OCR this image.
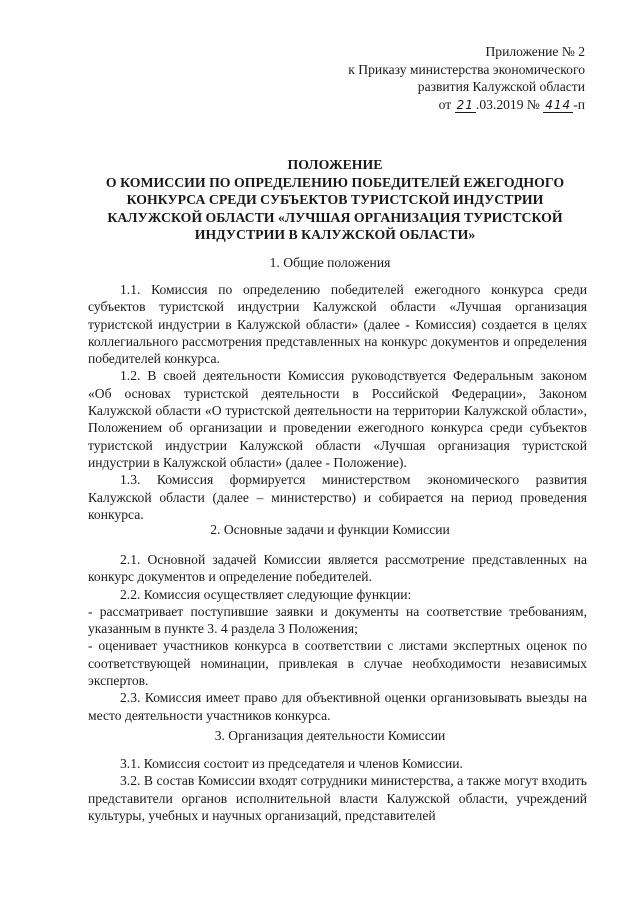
Приложение № 2
к Приказу министерства экономического
развития Калужской области
от 21 .03.2019 № 414 -п
ПОЛОЖЕНИЕ
О КОМИССИИ ПО ОПРЕДЕЛЕНИЮ ПОБЕДИТЕЛЕЙ ЕЖЕГОДНОГО
КОНКУРСА СРЕДИ СУБЪЕКТОВ ТУРИСТСКОЙ ИНДУСТРИИ
КАЛУЖСКОЙ ОБЛАСТИ «ЛУЧШАЯ ОРГАНИЗАЦИЯ ТУРИСТСКОЙ
ИНДУСТРИИ В КАЛУЖСКОЙ ОБЛАСТИ»
1. Общие положения

1.1. Комиссия по определению победителей ежегодного конкурса среди субъектов туристской индустрии Калужской области «Лучшая организация туристской индустрии в Калужской области» (далее - Комиссия) создается в целях коллегиального рассмотрения представленных на конкурс документов и определения победителей конкурса.

1.2. В своей деятельности Комиссия руководствуется Федеральным законом «Об основах туристской деятельности в Российской Федерации», Законом Калужской области «О туристской деятельности на территории Калужской области», Положением об организации и проведении ежегодного конкурса среди субъектов туристской индустрии Калужской области «Лучшая организация туристской индустрии в Калужской области» (далее - Положение).

1.3. Комиссия формируется министерством экономического развития Калужской области (далее – министерство) и собирается на период проведения конкурса.

2. Основные задачи и функции Комиссии

2.1. Основной задачей Комиссии является рассмотрение представленных на конкурс документов и определение победителей.

2.2. Комиссия осуществляет следующие функции:

- рассматривает поступившие заявки и документы на соответствие требованиям, указанным в пункте 3. 4 раздела 3 Положения;

- оценивает участников конкурса в соответствии с листами экспертных оценок по соответствующей номинации, привлекая в случае необходимости независимых экспертов.

2.3. Комиссия имеет право для объективной оценки организовывать выезды на место деятельности участников конкурса.

3. Организация деятельности Комиссии

3.1. Комиссия состоит из председателя и членов Комиссии.

3.2. В состав Комиссии входят сотрудники министерства, а также могут входить представители органов исполнительной власти Калужской области, учреждений культуры, учебных и научных организаций, представителей
